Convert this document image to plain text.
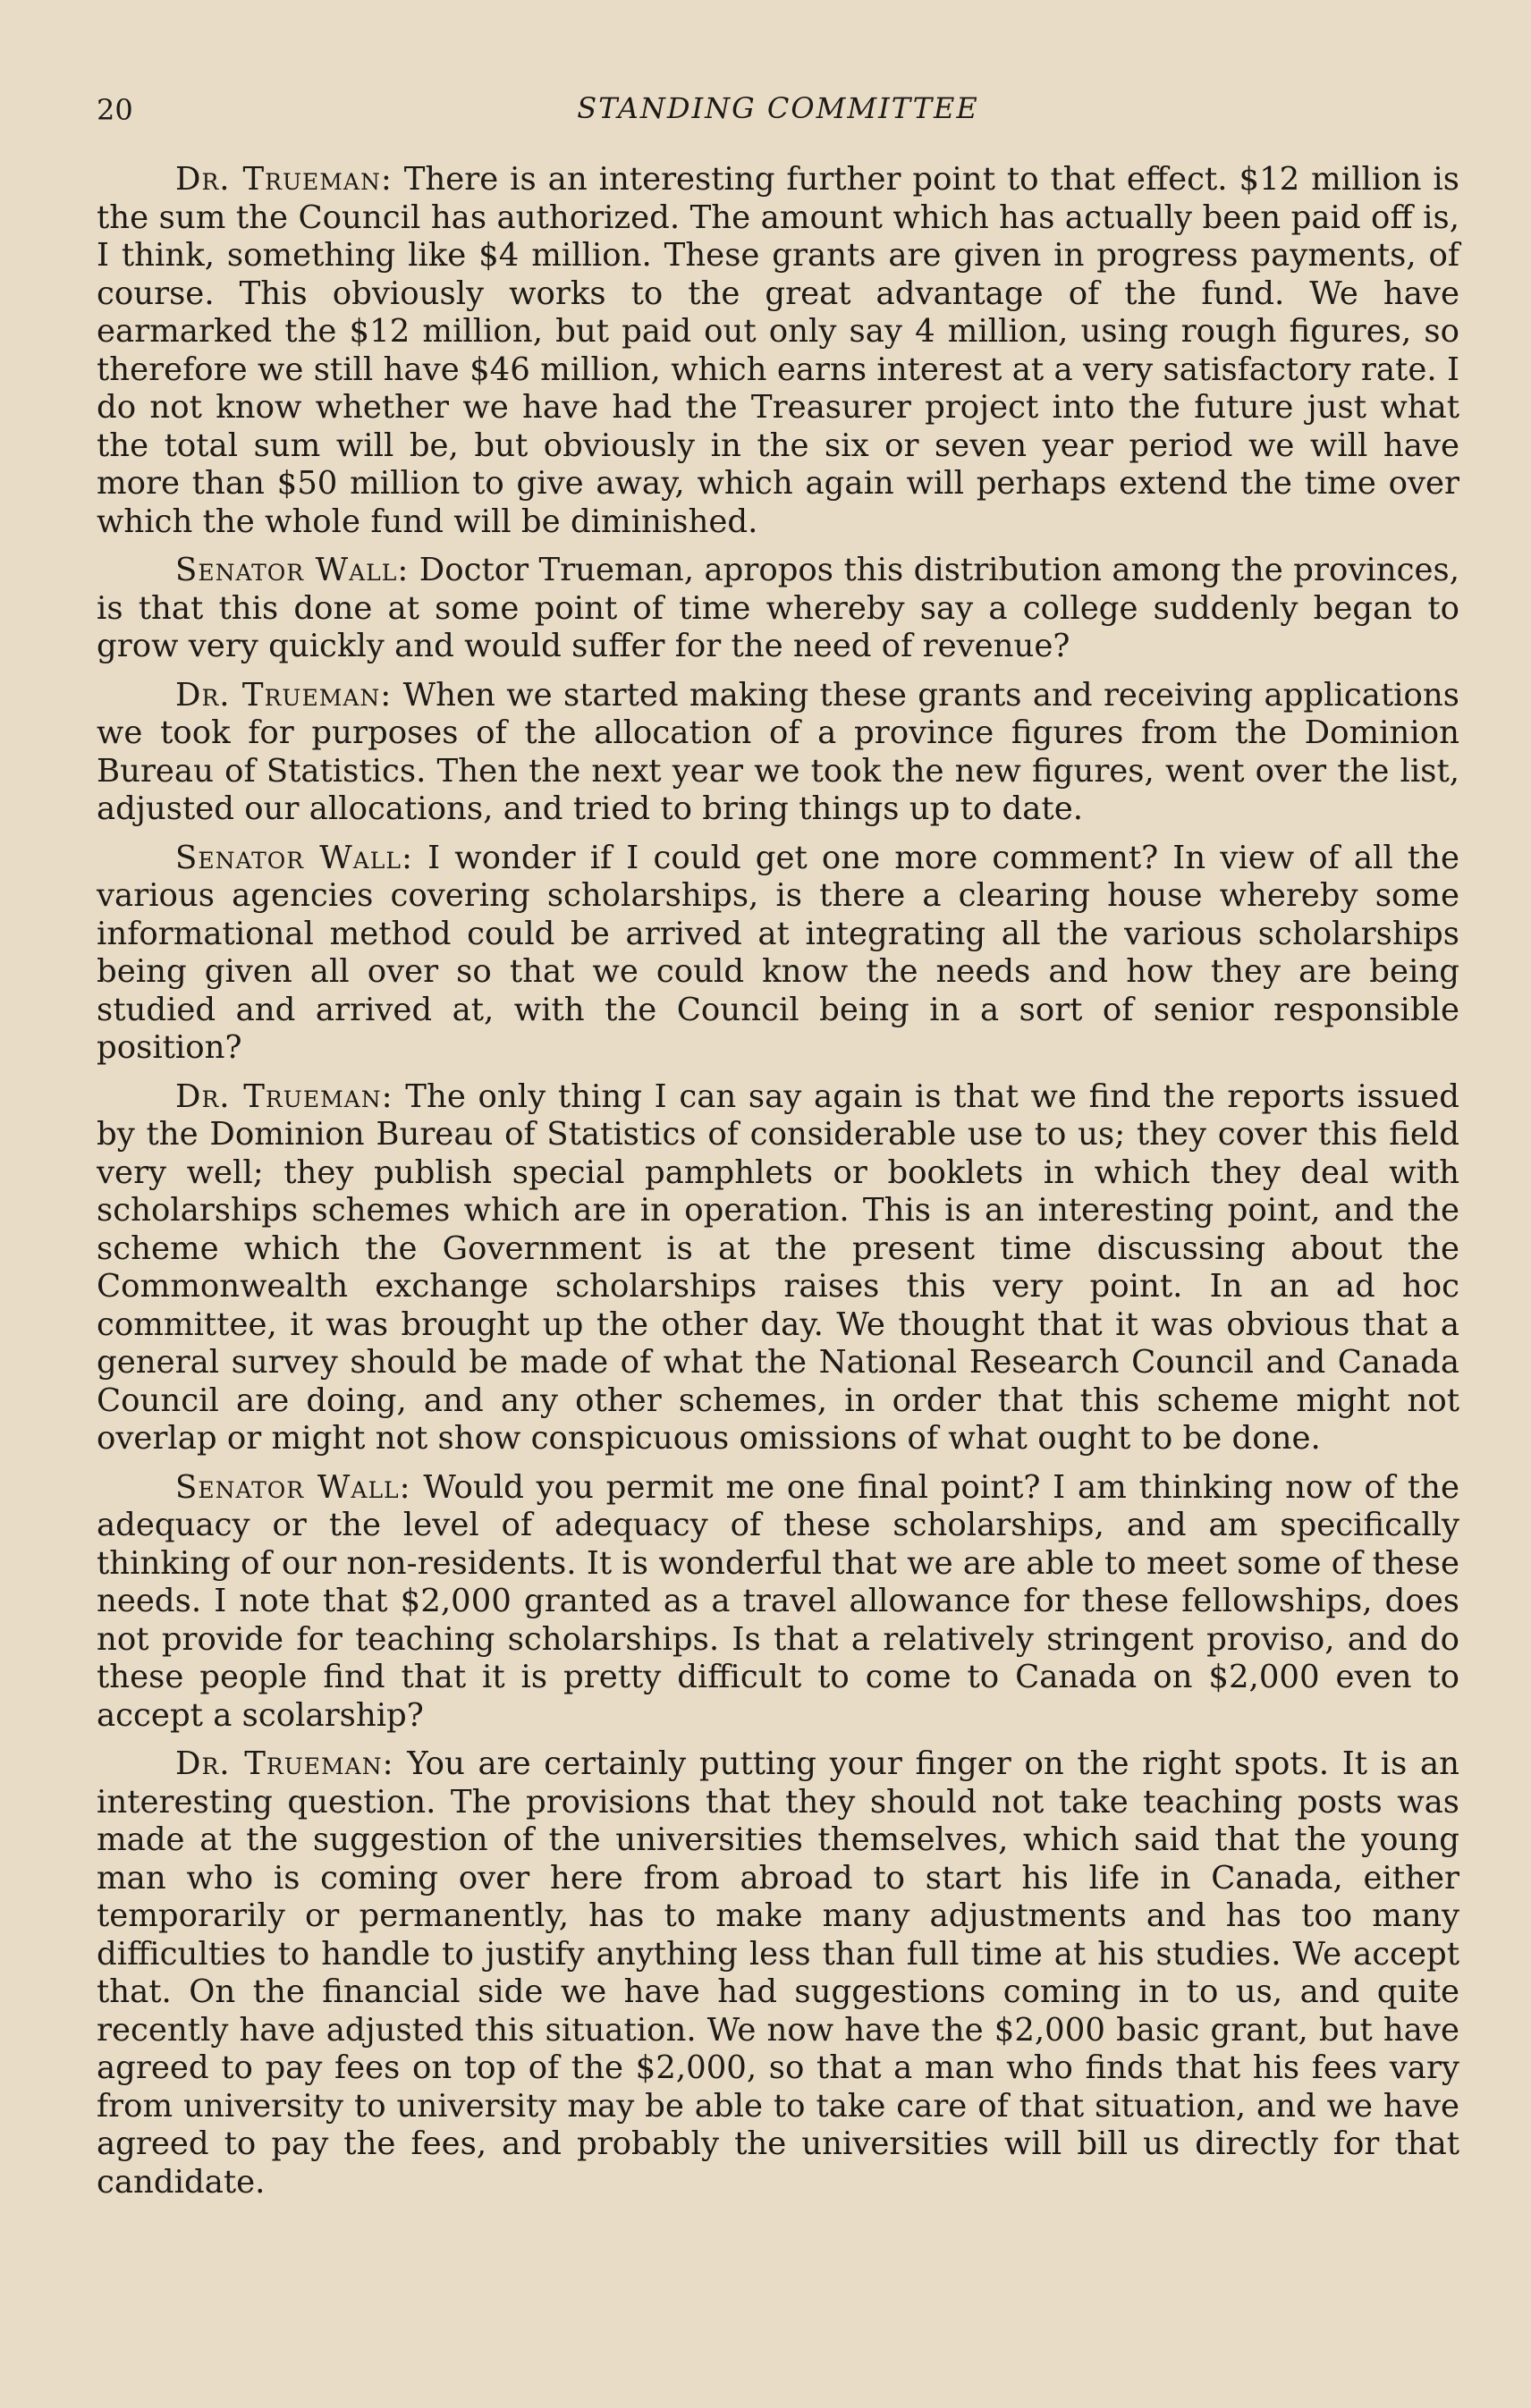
20	STANDING COMMITTEE

Dr. Trueman: There is an interesting further point to that effect. $12 million is the sum the Council has authorized. The amount which has actually been paid off is, I think, something like $4 million. These grants are given in progress payments, of course. This obviously works to the great advantage of the fund. We have earmarked the $12 million, but paid out only say 4 million, using rough figures, so therefore we still have $46 million, which earns interest at a very satisfactory rate. I do not know whether we have had the Treasurer project into the future just what the total sum will be, but obviously in the six or seven year period we will have more than $50 million to give away, which again will perhaps extend the time over which the whole fund will be diminished.

Senator Wall: Doctor Trueman, apropos this distribution among the provinces, is that this done at some point of time whereby say a college suddenly began to grow very quickly and would suffer for the need of revenue?

Dr. Trueman: When we started making these grants and receiving applications we took for purposes of the allocation of a province figures from the Dominion Bureau of Statistics. Then the next year we took the new figures, went over the list, adjusted our allocations, and tried to bring things up to date.

Senator Wall: I wonder if I could get one more comment? In view of all the various agencies covering scholarships, is there a clearing house whereby some informational method could be arrived at integrating all the various scholarships being given all over so that we could know the needs and how they are being studied and arrived at, with the Council being in a sort of senior responsible position?

Dr. Trueman: The only thing I can say again is that we find the reports issued by the Dominion Bureau of Statistics of considerable use to us; they cover this field very well; they publish special pamphlets or booklets in which they deal with scholarships schemes which are in operation. This is an interesting point, and the scheme which the Government is at the present time discussing about the Commonwealth exchange scholarships raises this very point. In an ad hoc committee, it was brought up the other day. We thought that it was obvious that a general survey should be made of what the National Research Council and Canada Council are doing, and any other schemes, in order that this scheme might not overlap or might not show conspicuous omissions of what ought to be done.

Senator Wall: Would you permit me one final point? I am thinking now of the adequacy or the level of adequacy of these scholarships, and am specifically thinking of our non-residents. It is wonderful that we are able to meet some of these needs. I note that $2,000 granted as a travel allowance for these fellowships, does not provide for teaching scholarships. Is that a relatively stringent proviso, and do these people find that it is pretty difficult to come to Canada on $2,000 even to accept a scolarship?

Dr. Trueman: You are certainly putting your finger on the right spots. It is an interesting question. The provisions that they should not take teaching posts was made at the suggestion of the universities themselves, which said that the young man who is coming over here from abroad to start his life in Canada, either temporarily or permanently, has to make many adjustments and has too many difficulties to handle to justify anything less than full time at his studies. We accept that. On the financial side we have had suggestions coming in to us, and quite recently have adjusted this situation. We now have the $2,000 basic grant, but have agreed to pay fees on top of the $2,000, so that a man who finds that his fees vary from university to university may be able to take care of that situation, and we have agreed to pay the fees, and probably the universities will bill us directly for that candidate.
